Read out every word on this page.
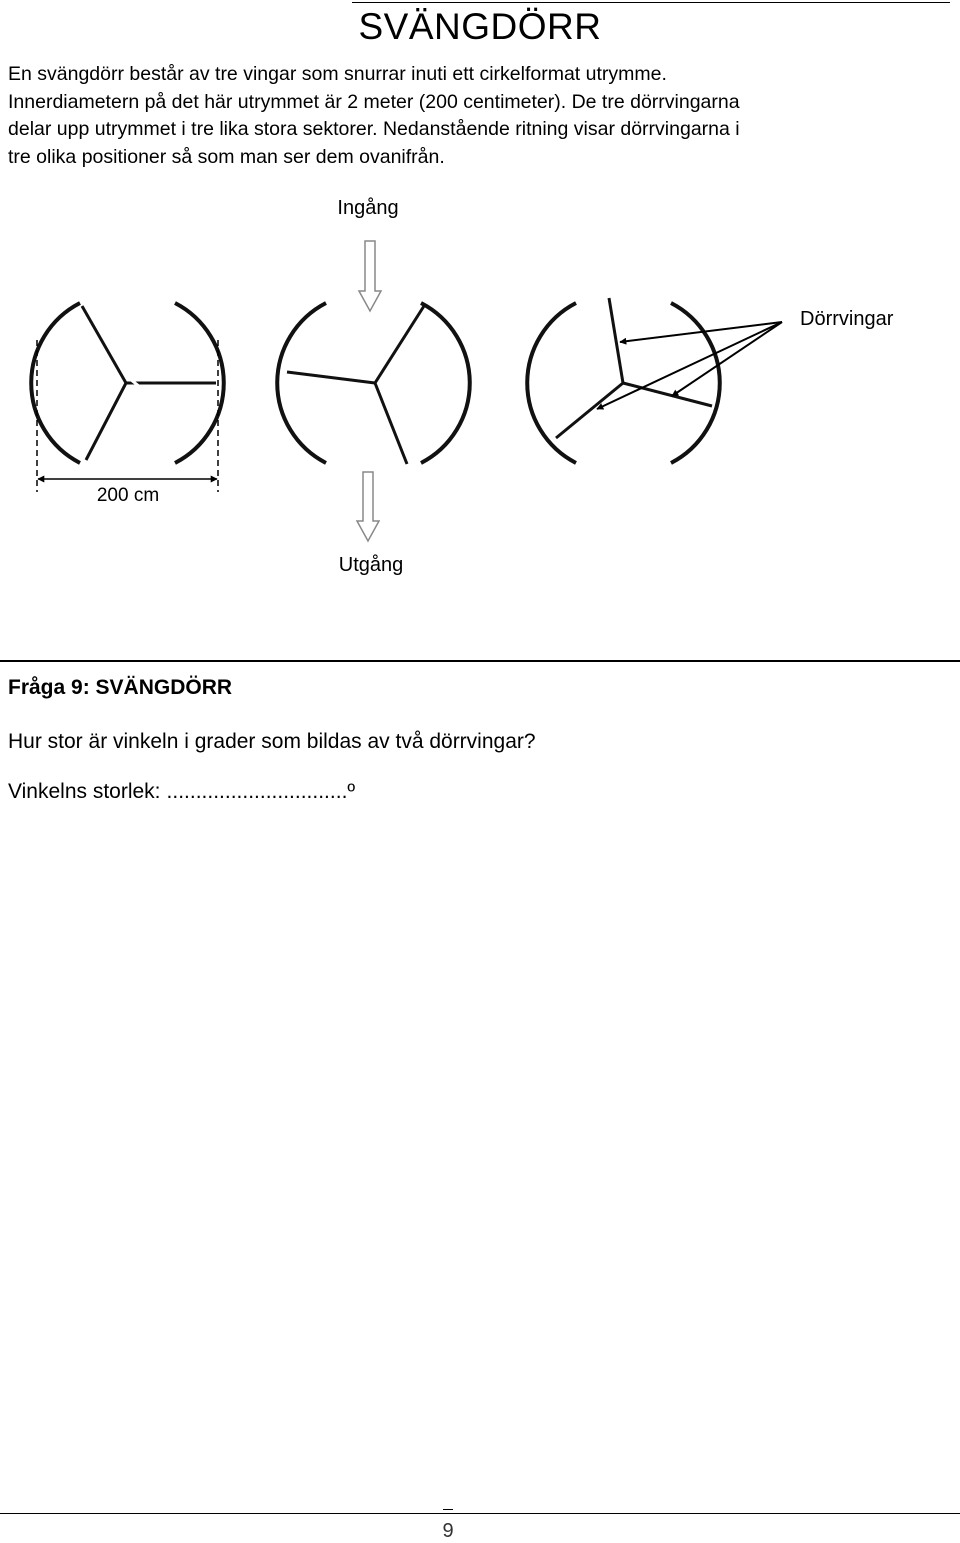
SVÄNGDÖRR

En svängdörr består av tre vingar som snurrar inuti ett cirkelformat utrymme.

Innerdiametern på det här utrymmet är 2 meter (200 centimeter). De tre dörrvingarna

delar upp utrymmet i tre lika stora sektorer. Nedanstående ritning visar dörrvingarna i

tre olika positioner så som man ser dem ovanifrån.

Ingång
200 cm
Dörrvingar
Utgång
Fråga 9: SVÄNGDÖRR
Hur stor är vinkeln i grader som bildas av två dörrvingar?
Vinkelns storlek: ...............................º
9
